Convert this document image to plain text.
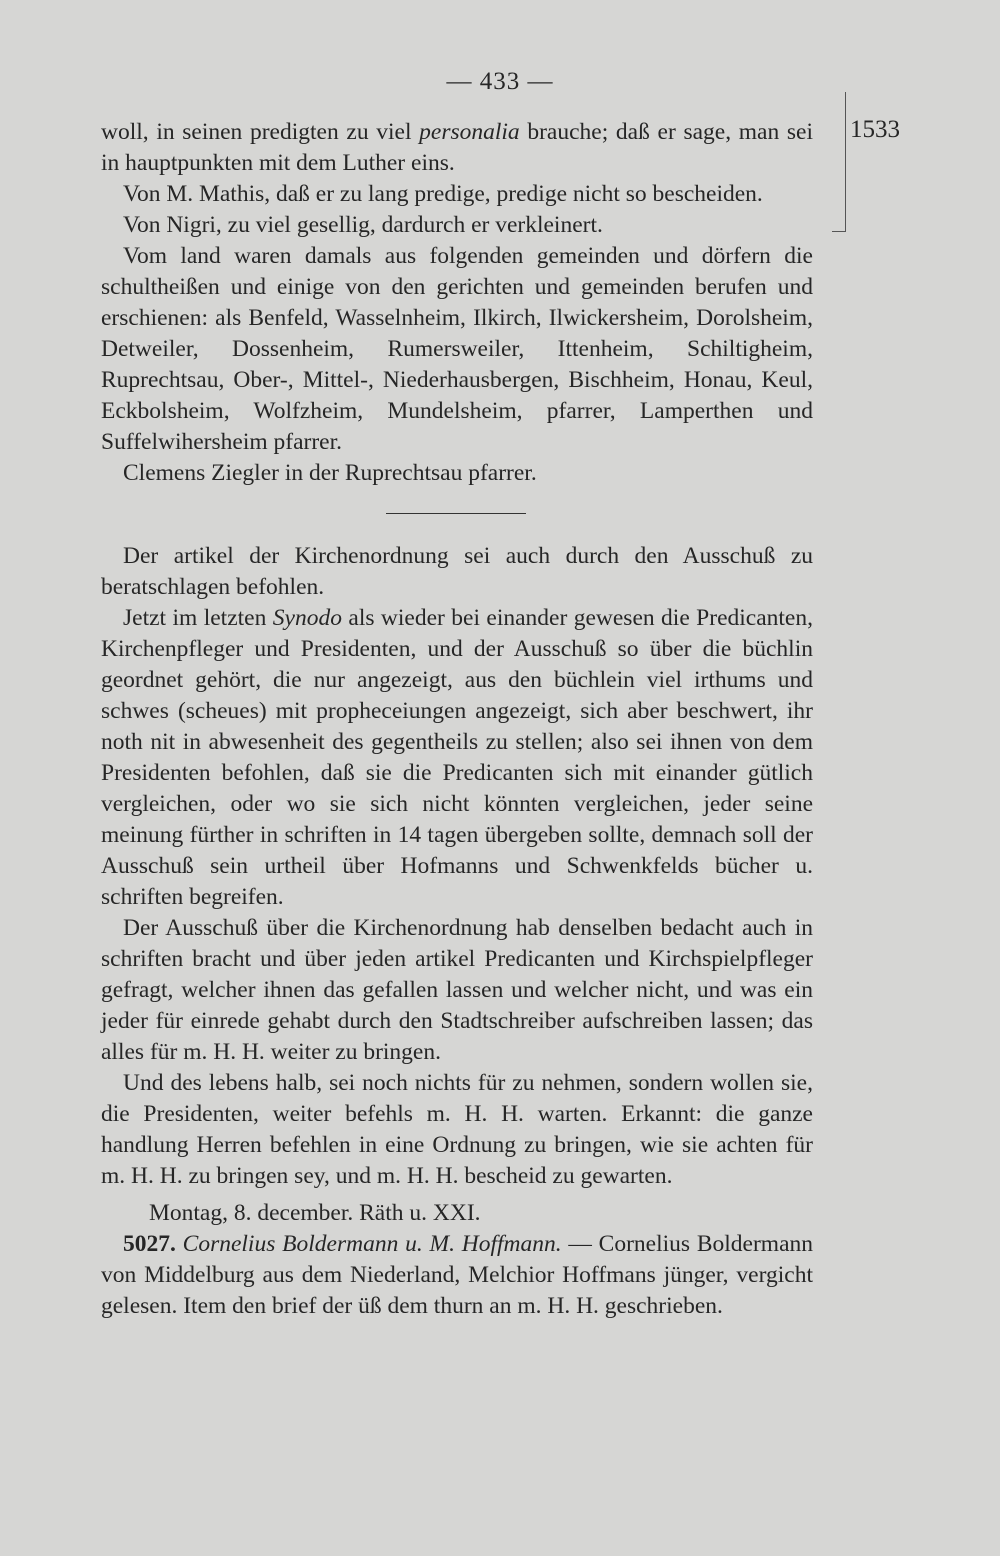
— 433 —
1533

woll, in seinen predigten zu viel personalia brauche; daß er sage, man sei in hauptpunkten mit dem Luther eins.

Von M. Mathis, daß er zu lang predige, predige nicht so bescheiden.

Von Nigri, zu viel gesellig, dardurch er verkleinert.

Vom land waren damals aus folgenden gemeinden und dörfern die schultheißen und einige von den gerichten und gemeinden berufen und erschienen: als Benfeld, Wasselnheim, Ilkirch, Ilwickersheim, Dorolsheim, Detweiler, Dossenheim, Rumersweiler, Ittenheim, Schiltigheim, Ruprechtsau, Ober-, Mittel-, Niederhausbergen, Bischheim, Honau, Keul, Eckbolsheim, Wolfzheim, Mundelsheim, pfarrer, Lamperthen und Suffelwihersheim pfarrer.

Clemens Ziegler in der Ruprechtsau pfarrer.

Der artikel der Kirchenordnung sei auch durch den Ausschuß zu beratschlagen befohlen.

Jetzt im letzten Synodo als wieder bei einander gewesen die Predicanten, Kirchenpfleger und Presidenten, und der Ausschuß so über die büchlin geordnet gehört, die nur angezeigt, aus den büchlein viel irthums und schwes (scheues) mit propheceiungen angezeigt, sich aber beschwert, ihr noth nit in abwesenheit des gegentheils zu stellen; also sei ihnen von dem Presidenten befohlen, daß sie die Predicanten sich mit einander gütlich vergleichen, oder wo sie sich nicht könnten vergleichen, jeder seine meinung fürther in schriften in 14 tagen übergeben sollte, demnach soll der Ausschuß sein urtheil über Hofmanns und Schwenkfelds bücher u. schriften begreifen.

Der Ausschuß über die Kirchenordnung hab denselben bedacht auch in schriften bracht und über jeden artikel Predicanten und Kirchspielpfleger gefragt, welcher ihnen das gefallen lassen und welcher nicht, und was ein jeder für einrede gehabt durch den Stadtschreiber aufschreiben lassen; das alles für m. H. H. weiter zu bringen.

Und des lebens halb, sei noch nichts für zu nehmen, sondern wollen sie, die Presidenten, weiter befehls m. H. H. warten. Erkannt: die ganze handlung Herren befehlen in eine Ordnung zu bringen, wie sie achten für m. H. H. zu bringen sey, und m. H. H. bescheid zu gewarten.

Montag, 8. december. Räth u. XXI.

5027. Cornelius Boldermann u. M. Hoffmann. — Cornelius Boldermann von Middelburg aus dem Niederland, Melchior Hoffmans jünger, vergicht gelesen. Item den brief der üß dem thurn an m. H. H. geschrieben.
